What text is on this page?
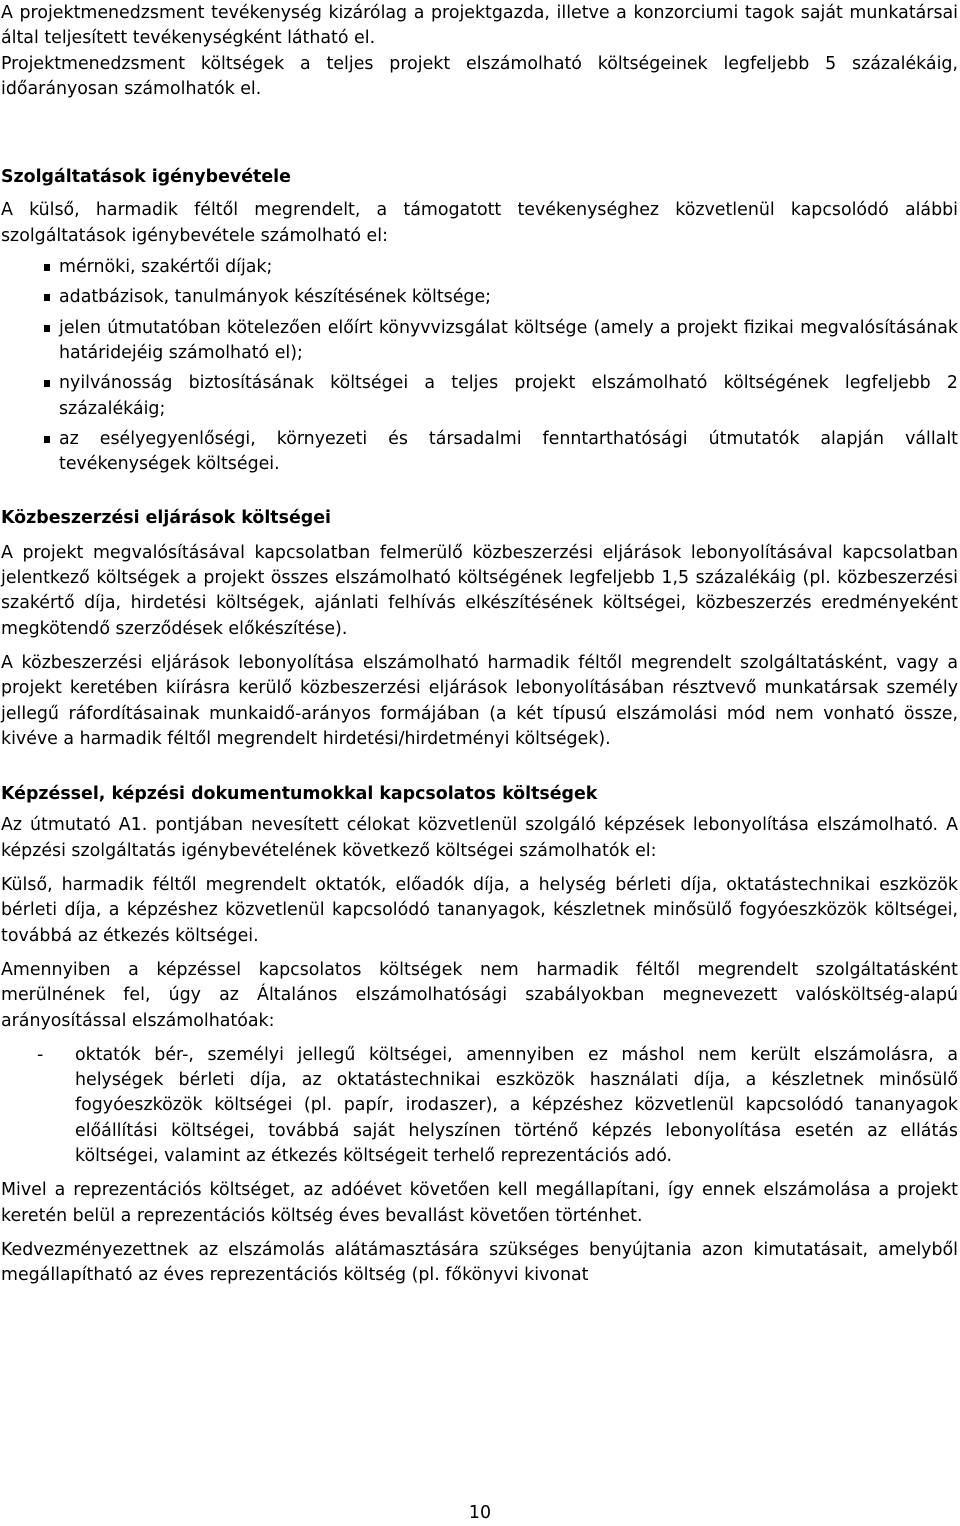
A projektmenedzsment tevékenység kizárólag a projektgazda, illetve a konzorciumi tagok saját munkatársai által teljesített tevékenységként látható el.

Projektmenedzsment költségek a teljes projekt elszámolható költségeinek legfeljebb 5 százalékáig, időarányosan számolhatók el.

Szolgáltatások igénybevétele

A külső, harmadik féltől megrendelt, a támogatott tevékenységhez közvetlenül kapcsolódó alábbi szolgáltatások igénybevétele számolható el:

mérnöki, szakértői díjak;
adatbázisok, tanulmányok készítésének költsége;
jelen útmutatóban kötelezően előírt könyvvizsgálat költsége (amely a projekt fizikai megvalósításának határidejéig számolható el);
nyilvánosság biztosításának költségei a teljes projekt elszámolható költségének legfeljebb 2 százalékáig;
az esélyegyenlőségi, környezeti és társadalmi fenntarthatósági útmutatók alapján vállalt tevékenységek költségei.
Közbeszerzési eljárások költségei

A projekt megvalósításával kapcsolatban felmerülő közbeszerzési eljárások lebonyolításával kapcsolatban jelentkező költségek a projekt összes elszámolható költségének legfeljebb 1,5 százalékáig (pl. közbeszerzési szakértő díja, hirdetési költségek, ajánlati felhívás elkészítésének költségei, közbeszerzés eredményeként megkötendő szerződések előkészítése).

A közbeszerzési eljárások lebonyolítása elszámolható harmadik féltől megrendelt szolgáltatásként, vagy a projekt keretében kiírásra kerülő közbeszerzési eljárások lebonyolításában résztvevő munkatársak személy jellegű ráfordításainak munkaidő-arányos formájában (a két típusú elszámolási mód nem vonható össze, kivéve a harmadik féltől megrendelt hirdetési/hirdetményi költségek).

Képzéssel, képzési dokumentumokkal kapcsolatos költségek

Az útmutató A1. pontjában nevesített célokat közvetlenül szolgáló képzések lebonyolítása elszámolható. A képzési szolgáltatás igénybevételének következő költségei számolhatók el:

Külső, harmadik féltől megrendelt oktatók, előadók díja, a helység bérleti díja, oktatástechnikai eszközök bérleti díja, a képzéshez közvetlenül kapcsolódó tananyagok, készletnek minősülő fogyóeszközök költségei, továbbá az étkezés költségei.

Amennyiben a képzéssel kapcsolatos költségek nem harmadik féltől megrendelt szolgáltatásként merülnének fel, úgy az Általános elszámolhatósági szabályokban megnevezett valósköltség-alapú arányosítással elszámolhatóak:

- oktatók bér-, személyi jellegű költségei, amennyiben ez máshol nem került elszámolásra, a helységek bérleti díja, az oktatástechnikai eszközök használati díja, a készletnek minősülő fogyóeszközök költségei (pl. papír, irodaszer), a képzéshez közvetlenül kapcsolódó tananyagok előállítási költségei, továbbá saját helyszínen történő képzés lebonyolítása esetén az ellátás költségei, valamint az étkezés költségeit terhelő reprezentációs adó.

Mivel a reprezentációs költséget, az adóévet követően kell megállapítani, így ennek elszámolása a projekt keretén belül a reprezentációs költség éves bevallást követően történhet.

Kedvezményezettnek az elszámolás alátámasztására szükséges benyújtania azon kimutatásait, amelyből megállapítható az éves reprezentációs költség (pl. főkönyvi kivonat

10
